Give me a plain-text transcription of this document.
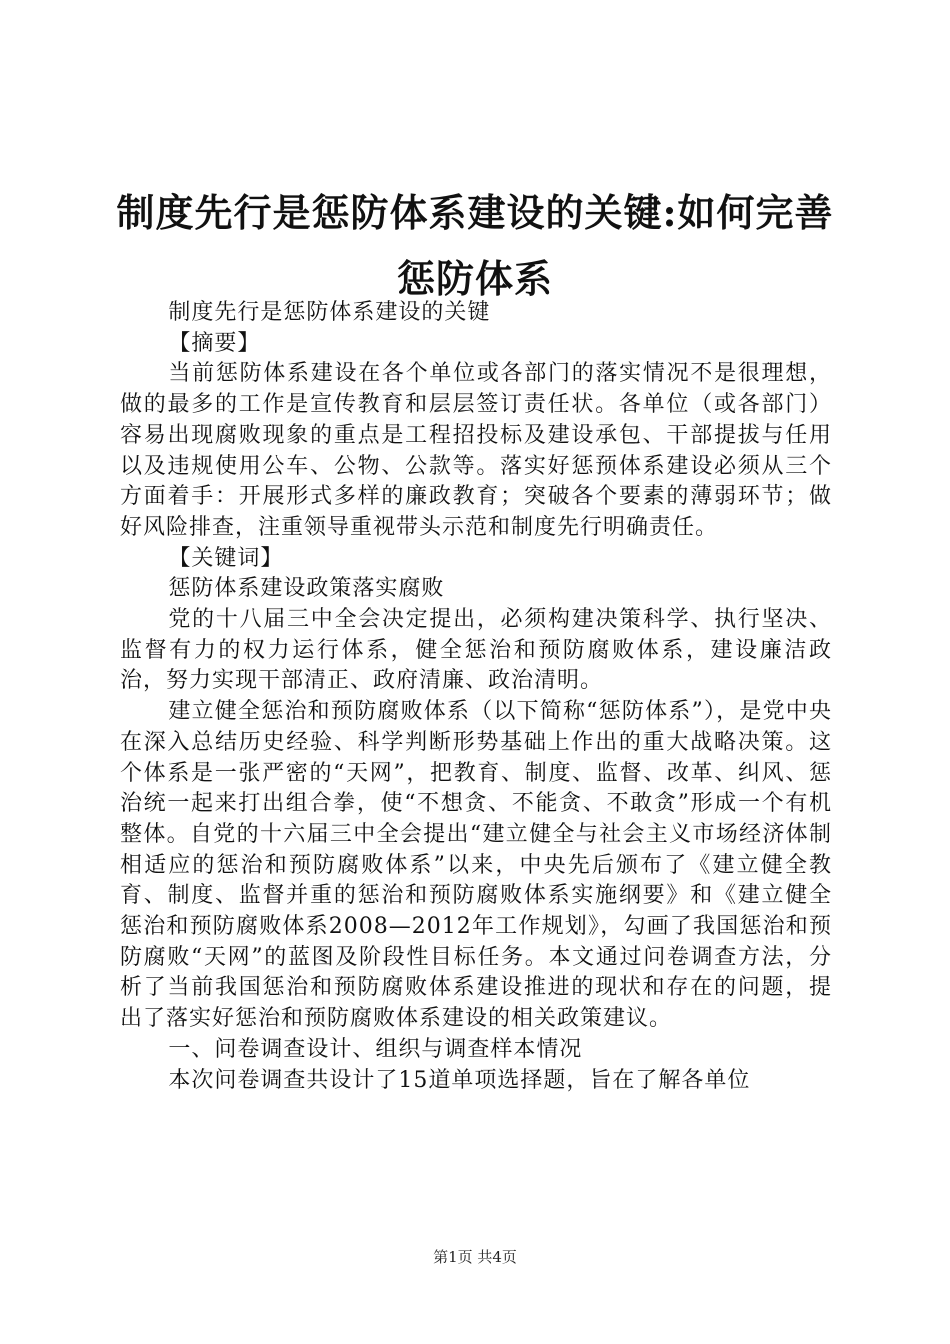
制度先行是惩防体系建设的关键:如何完善惩防体系

制度先行是惩防体系建设的关键

【摘要】

当前惩防体系建设在各个单位或各部门的落实情况不是很理想，做的最多的工作是宣传教育和层层签订责任状。各单位（或各部门）容易出现腐败现象的重点是工程招投标及建设承包、干部提拔与任用以及违规使用公车、公物、公款等。落实好惩预体系建设必须从三个方面着手：开展形式多样的廉政教育；突破各个要素的薄弱环节；做好风险排查，注重领导重视带头示范和制度先行明确责任。

【关键词】

惩防体系建设政策落实腐败

党的十八届三中全会决定提出，必须构建决策科学、执行坚决、监督有力的权力运行体系，健全惩治和预防腐败体系，建设廉洁政治，努力实现干部清正、政府清廉、政治清明。

建立健全惩治和预防腐败体系（以下简称“惩防体系”），是党中央在深入总结历史经验、科学判断形势基础上作出的重大战略决策。这个体系是一张严密的“天网”，把教育、制度、监督、改革、纠风、惩治统一起来打出组合拳，使“不想贪、不能贪、不敢贪”形成一个有机整体。自党的十六届三中全会提出“建立健全与社会主义市场经济体制相适应的惩治和预防腐败体系”以来，中央先后颁布了《建立健全教育、制度、监督并重的惩治和预防腐败体系实施纲要》和《建立健全惩治和预防腐败体系2008—2012年工作规划》，勾画了我国惩治和预防腐败“天网”的蓝图及阶段性目标任务。本文通过问卷调查方法，分析了当前我国惩治和预防腐败体系建设推进的现状和存在的问题，提出了落实好惩治和预防腐败体系建设的相关政策建议。

一、问卷调查设计、组织与调查样本情况

本次问卷调查共设计了15道单项选择题，旨在了解各单位

第1页 共4页
